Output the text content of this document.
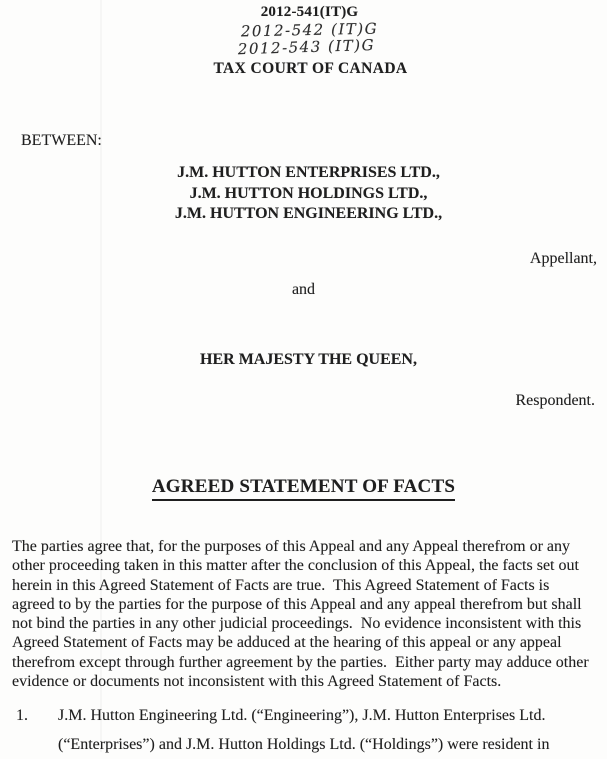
2012-541(IT)G
2012-542 (IT)G
2012-543 (IT)G
TAX COURT OF CANADA
BETWEEN:
J.M. HUTTON ENTERPRISES LTD.,
J.M. HUTTON HOLDINGS LTD.,
J.M. HUTTON ENGINEERING LTD.,
Appellant,
and
HER MAJESTY THE QUEEN,
Respondent.
AGREED STATEMENT OF FACTS
The parties agree that, for the purposes of this Appeal and any Appeal therefrom or any other proceeding taken in this matter after the conclusion of this Appeal, the facts set out herein in this Agreed Statement of Facts are true.  This Agreed Statement of Facts is agreed to by the parties for the purpose of this Appeal and any appeal therefrom but shall not bind the parties in any other judicial proceedings.  No evidence inconsistent with this Agreed Statement of Facts may be adduced at the hearing of this appeal or any appeal therefrom except through further agreement by the parties.  Either party may adduce other evidence or documents not inconsistent with this Agreed Statement of Facts.
1. J.M. Hutton Engineering Ltd. (“Engineering”), J.M. Hutton Enterprises Ltd. (“Enterprises”) and J.M. Hutton Holdings Ltd. (“Holdings”) were resident in
